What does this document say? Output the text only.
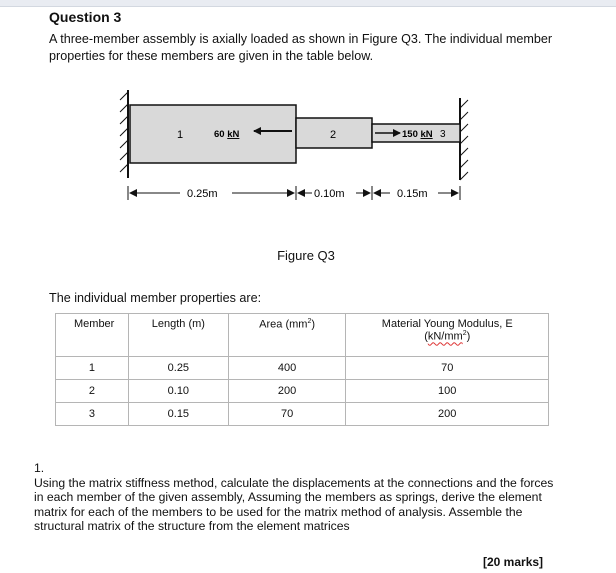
Question 3
A three-member assembly is axially loaded as shown in Figure Q3. The individual member properties for these members are given in the table below.
1	2
60 kN	150 kN 3
0.25m	0.10m	0.15m
Figure Q3
The individual member properties are:
Member	Length (m)	Area $(mm^2)$	Material Young Modulus, E
$(kN/mm^2)$
1	0.25	400	70
2	0.10	200	100
3	0.15	70	200
1.
Using the matrix stiffness method, calculate the displacements at the connections and the forces in each member of the given assembly, Assuming the members as springs, derive the element matrix for each of the members to be used for the matrix method of analysis. Assemble the structural matrix of the structure from the element matrices
[20 marks]
